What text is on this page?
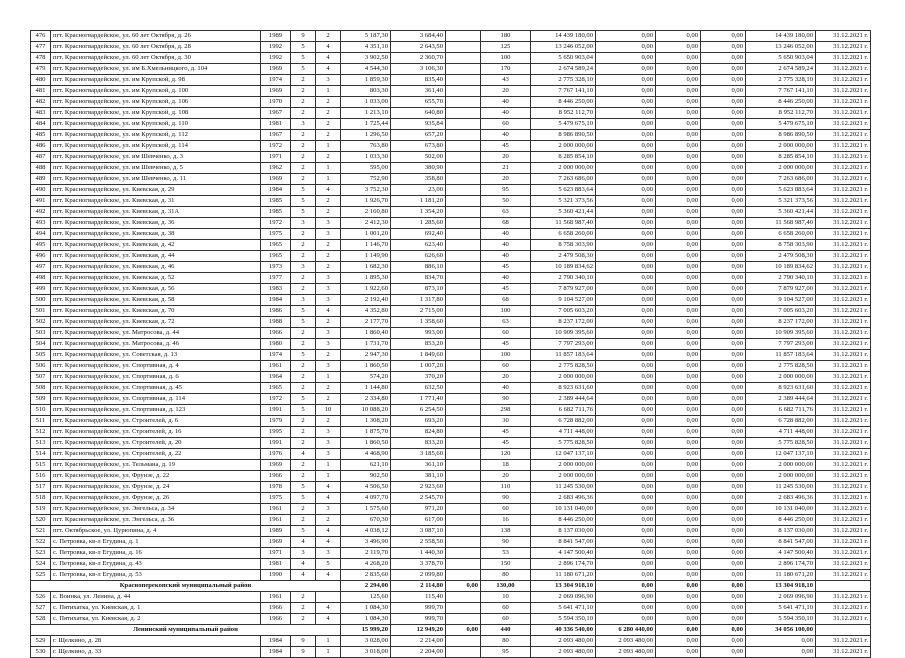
476	пгт. Красногвардейское, ул. 60 лет Октября, д. 26	1989	9	2	5 187,30	3 684,40		180	14 439 180,00	0,00	0,00	0,00	14 439 180,00	31.12.2021 г.
477	пгт. Красногвардейское, ул. 60 лет Октября, д. 28	1992	5	4	4 351,10	2 643,50		125	13 246 052,00	0,00	0,00	0,00	13 246 052,00	31.12.2021 г.
478	пгт. Красногвардейское, ул. 60 лет Октября, д. 30	1992	5	4	3 902,50	2 360,70		100	5 650 903,04	0,00	0,00	0,00	5 650 903,04	31.12.2021 г.
479	пгт. Красногвардейское, ул. им Б.Хмельницкого, д. 104	1969	5	4	4 544,30	3 106,30		170	2 674 589,24	0,00	0,00	0,00	2 674 589,24	31.12.2021 г.
480	пгт. Красногвардейское, ул. им Крупской, д. 98	1974	2	3	1 859,30	835,40		43	2 775 328,10	0,00	0,00	0,00	2 775 328,10	31.12.2021 г.
481	пгт. Красногвардейское, ул. им Крупской, д. 100	1969	2	1	803,30	361,40		20	7 767 141,10	0,00	0,00	0,00	7 767 141,10	31.12.2021 г.
482	пгт. Красногвардейское, ул. им Крупской, д. 106	1970	2	2	1 033,00	655,70		40	8 446 250,00	0,00	0,00	0,00	8 446 250,00	31.12.2021 г.
483	пгт. Красногвардейское, ул. им Крупской, д. 108	1967	2	2	1 213,10	640,80		40	8 952 112,70	0,00	0,00	0,00	8 952 112,70	31.12.2021 г.
484	пгт. Красногвардейское, ул. им Крупской, д. 110	1981	3	2	1 725,44	935,84		60	5 479 675,10	0,00	0,00	0,00	5 479 675,10	31.12.2021 г.
485	пгт. Красногвардейское, ул. им Крупской, д. 112	1967	2	2	1 296,50	657,20		40	8 986 890,50	0,00	0,00	0,00	8 986 890,50	31.12.2021 г.
486	пгт. Красногвардейское, ул. им Крупской, д. 114	1972	2	1	763,80	673,80		45	2 000 000,00	0,00	0,00	0,00	2 000 000,00	31.12.2021 г.
487	пгт. Красногвардейское, ул. им Шевченко, д. 3	1971	2	2	1 033,30	502,00		20	8 285 854,10	0,00	0,00	0,00	8 285 854,10	31.12.2021 г.
488	пгт. Красногвардейское, ул. им Шевченко, д. 5	1962	2	1	595,00	380,90		21	2 000 000,00	0,00	0,00	0,00	2 000 000,00	31.12.2021 г.
489	пгт. Красногвардейское, ул. им Шевченко, д. 11	1969	2	1	752,90	358,80		20	7 263 686,00	0,00	0,00	0,00	7 263 686,00	31.12.2021 г.
490	пгт. Красногвардейское, ул. Киевская, д. 29	1984	5	4	3 752,30	23,00		95	5 623 883,64	0,00	0,00	0,00	5 623 883,64	31.12.2021 г.
491	пгт. Красногвардейское, ул. Киевская, д. 31	1985	5	2	1 926,70	1 181,20		50	5 321 373,56	0,00	0,00	0,00	5 321 373,56	31.12.2021 г.
492	пгт. Красногвардейское, ул. Киевская, д. 31А	1985	5	2	2 160,80	1 354,20		63	5 360 421,44	0,00	0,00	0,00	5 360 421,44	31.12.2021 г.
493	пгт. Красногвардейское, ул. Киевская, д. 36	1972	3	3	2 412,30	1 285,60		68	11 568 987,40	0,00	0,00	0,00	11 568 987,40	31.12.2021 г.
494	пгт. Красногвардейское, ул. Киевская, д. 38	1975	2	3	1 001,20	692,40		40	6 658 260,00	0,00	0,00	0,00	6 658 260,00	31.12.2021 г.
495	пгт. Красногвардейское, ул. Киевская, д. 42	1965	2	2	1 146,70	623,40		40	8 758 303,90	0,00	0,00	0,00	8 758 303,90	31.12.2021 г.
496	пгт. Красногвардейское, ул. Киевская, д. 44	1965	2	2	1 149,90	626,60		40	2 479 508,30	0,00	0,00	0,00	2 479 508,30	31.12.2021 г.
497	пгт. Красногвардейское, ул. Киевская, д. 46	1973	3	2	1 682,30	886,10		45	10 189 834,62	0,00	0,00	0,00	10 189 834,62	31.12.2021 г.
498	пгт. Красногвардейское, ул. Киевская, д. 52	1977	2	3	1 895,30	834,70		40	2 790 340,10	0,00	0,00	0,00	2 790 340,10	31.12.2021 г.
499	пгт. Красногвардейское, ул. Киевская, д. 56	1983	2	3	1 922,60	873,10		45	7 879 927,00	0,00	0,00	0,00	7 879 927,00	31.12.2021 г.
500	пгт. Красногвардейское, ул. Киевская, д. 58	1984	3	3	2 192,40	1 317,80		68	9 104 527,00	0,00	0,00	0,00	9 104 527,00	31.12.2021 г.
501	пгт. Красногвардейское, ул. Киевская, д. 70	1986	5	4	4 352,80	2 715,00		100	7 005 603,20	0,00	0,00	0,00	7 005 603,20	31.12.2021 г.
502	пгт. Красногвардейское, ул. Киевская, д. 72	1988	5	2	2 177,70	1 358,60		63	8 237 172,00	0,00	0,00	0,00	8 237 172,00	31.12.2021 г.
503	пгт. Красногвардейское, ул. Матросова, д. 44	1966	2	3	1 860,40	993,00		60	10 909 395,60	0,00	0,00	0,00	10 909 395,60	31.12.2021 г.
504	пгт. Красногвардейское, ул. Матросова, д. 46	1980	2	3	1 731,70	853,20		45	7 797 293,00	0,00	0,00	0,00	7 797 293,00	31.12.2021 г.
505	пгт. Красногвардейское, ул. Советская, д. 13	1974	5	2	2 947,30	1 849,60		100	11 857 183,64	0,00	0,00	0,00	11 857 183,64	31.12.2021 г.
506	пгт. Красногвардейское, ул. Спортивная, д. 4	1961	2	3	1 860,50	1 007,20		60	2 775 828,50	0,00	0,00	0,00	2 775 828,50	31.12.2021 г.
507	пгт. Красногвардейское, ул. Спортивная, д. 6	1964	2	1	574,20	370,20		20	2 000 000,00	0,00	0,00	0,00	2 000 000,00	31.12.2021 г.
508	пгт. Красногвардейское, ул. Спортивная, д. 45	1965	2	2	1 144,80	632,50		40	8 923 631,60	0,00	0,00	0,00	8 923 631,60	31.12.2021 г.
509	пгт. Красногвардейское, ул. Спортивная, д. 114	1972	5	2	2 334,80	1 771,40		90	2 389 444,64	0,00	0,00	0,00	2 389 444,64	31.12.2021 г.
510	пгт. Красногвардейское, ул. Спортивная, д. 123	1991	5	10	10 088,20	6 254,50		298	6 682 711,76	0,00	0,00	0,00	6 682 711,76	31.12.2021 г.
511	пгт. Красногвардейское, ул. Строителей, д. 6	1979	2	2	1 308,20	693,20		30	6 728 882,00	0,00	0,00	0,00	6 728 882,00	31.12.2021 г.
512	пгт. Красногвардейское, ул. Строителей, д. 16	1995	2	3	1 875,70	824,80		45	4 711 448,00	0,00	0,00	0,00	4 711 448,00	31.12.2021 г.
513	пгт. Красногвардейское, ул. Строителей, д. 20	1991	2	3	1 860,50	833,20		45	5 775 828,50	0,00	0,00	0,00	5 775 828,50	31.12.2021 г.
514	пгт. Красногвардейское, ул. Строителей, д. 22	1976	4	3	4 468,90	3 185,60		120	12 047 137,10	0,00	0,00	0,00	12 047 137,10	31.12.2021 г.
515	пгт. Красногвардейское, ул. Тельмана, д. 19	1969	2	1	621,10	361,10		18	2 000 000,00	0,00	0,00	0,00	2 000 000,00	31.12.2021 г.
516	пгт. Красногвардейское, ул. Фрунзе, д. 22	1966	2	1	902,50	381,10		20	2 000 000,00	0,00	0,00	0,00	2 000 000,00	31.12.2021 г.
517	пгт. Красногвардейское, ул. Фрунзе, д. 24	1978	5	4	4 506,50	2 923,60		110	11 245 530,00	0,00	0,00	0,00	11 245 530,00	31.12.2021 г.
518	пгт. Красногвардейское, ул. Фрунзе, д. 26	1975	5	4	4 097,70	2 545,70		90	2 683 496,36	0,00	0,00	0,00	2 683 496,36	31.12.2021 г.
519	пгт. Красногвардейское, ул. Энгельса, д. 34	1961	2	3	1 575,60	971,20		60	10 131 040,00	0,00	0,00	0,00	10 131 040,00	31.12.2021 г.
520	пгт. Красногвардейское, ул. Энгельса, д. 36	1961	2	2	670,30	617,00		16	8 446 250,00	0,00	0,00	0,00	8 446 250,00	31.12.2021 г.
521	пгт. Октябрьское, ул. Цурюпина, д. 4	1989	5	4	4 038,12	3 087,10		138	8 137 030,00	0,00	0,00	0,00	8 137 030,00	31.12.2021 г.
522	с. Петровка, кв-л Егудина, д. 1	1969	4	4	3 496,90	2 558,50		90	8 841 547,00	0,00	0,00	0,00	8 841 547,00	31.12.2021 г.
523	с. Петровка, кв-л Егудина, д. 16	1971	3	3	2 119,70	1 440,30		53	4 147 500,40	0,00	0,00	0,00	4 147 500,40	31.12.2021 г.
524	с. Петровка, кв-л Егудина, д. 43	1981	4	5	4 268,20	3 378,70		150	2 896 174,70	0,00	0,00	0,00	2 896 174,70	31.12.2021 г.
525	с. Петровка, кв-л Егудина, д. 53	1990	4	4	2 835,60	2 099,80		80	11 180 671,20	0,00	0,00	0,00	11 180 671,20	31.12.2021 г.
Красноперекопский муниципальный район					2 294,00	2 114,80	0,00	130,00	13 304 918,10	0,00	0,00	0,00	13 304 918,10	
526	с. Воинка, ул. Ленина, д. 44	1961	2		125,60	115,40		10	2 069 096,90	0,00	0,00	0,00	2 069 096,90	31.12.2021 г.
527	с. Пятихатка, ул. Киевская, д. 1	1966	2	4	1 084,30	999,70		60	5 641 471,10	0,00	0,00	0,00	5 641 471,10	31.12.2021 г.
528	с. Пятихатка, ул. Киевская, д. 2	1966	2	4	1 084,30	999,70		60	5 594 350,10	0,00	0,00	0,00	5 594 350,10	31.12.2021 г.
Ленинский муниципальный район					15 999,20	12 949,20	0,00	440	40 336 540,00	6 280 440,00	0,00	0,00	34 056 100,00	
529	г. Щелкино, д. 28	1984	9	1	3 028,00	2 214,00		80	2 093 480,00	2 093 480,00	0,00	0,00	0,00	31.12.2021 г.
530	г. Щелкино, д. 33	1984	9	1	3 018,00	2 204,00		95	2 093 480,00	2 093 480,00	0,00	0,00	0,00	31.12.2021 г.
